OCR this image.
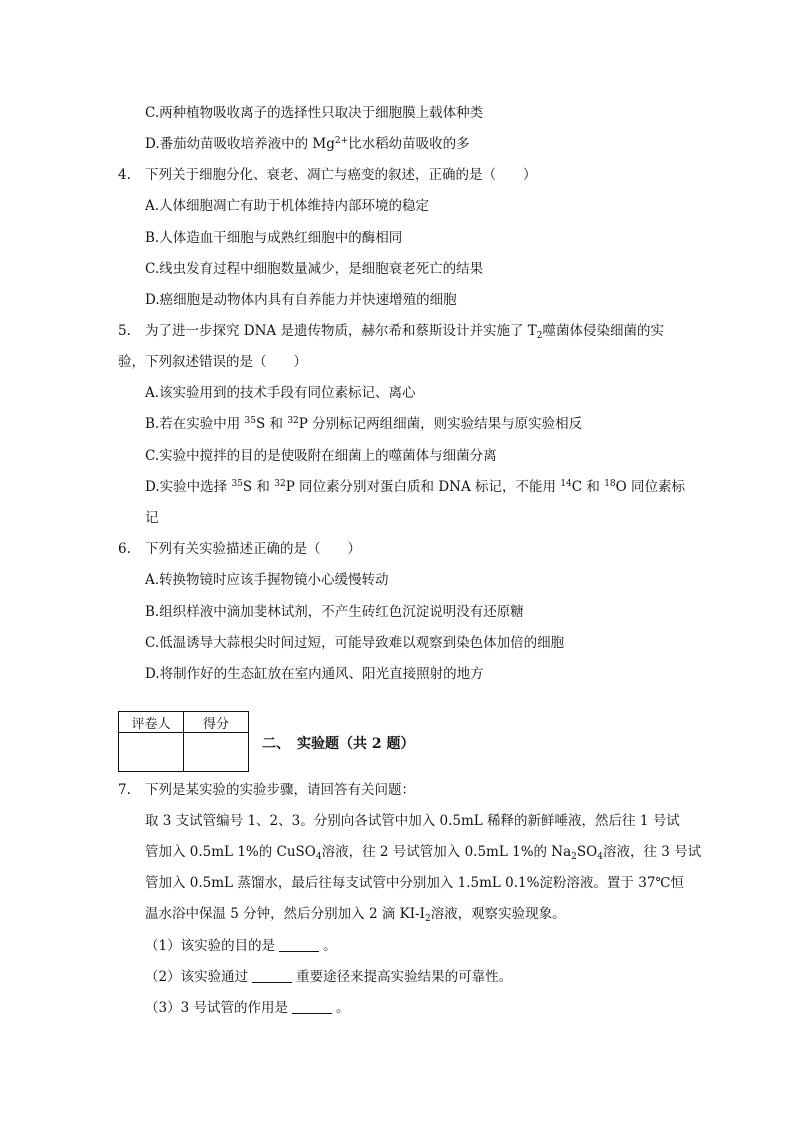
C.两种植物吸收离子的选择性只取决于细胞膜上载体种类
D.番茄幼苗吸收培养液中的 $Mg^{2+}$比水稻幼苗吸收的多
4. 下列关于细胞分化、衰老、凋亡与癌变的叙述，正确的是（　　）
A.人体细胞凋亡有助于机体维持内部环境的稳定
B.人体造血干细胞与成熟红细胞中的酶相同
C.线虫发育过程中细胞数量减少，是细胞衰老死亡的结果
D.癌细胞是动物体内具有自养能力并快速增殖的细胞
5. 为了进一步探究 DNA 是遗传物质，赫尔希和蔡斯设计并实施了 $T_2$噬菌体侵染细菌的实
验，下列叙述错误的是（　　）
A.该实验用到的技术手段有同位素标记、离心
B.若在实验中用 $^{35}$S 和 $^{32}$P 分别标记两组细菌，则实验结果与原实验相反
C.实验中搅拌的目的是使吸附在细菌上的噬菌体与细菌分离
D.实验中选择 $^{35}$S 和 $^{32}$P 同位素分别对蛋白质和 DNA 标记，不能用 $^{14}$C 和 $^{18}$O 同位素标
记
6. 下列有关实验描述正确的是（　　）
A.转换物镜时应该手握物镜小心缓慢转动
B.组织样液中滴加斐林试剂，不产生砖红色沉淀说明没有还原糖
C.低温诱导大蒜根尖时间过短，可能导致难以观察到染色体加倍的细胞
D.将制作好的生态缸放在室内通风、阳光直接照射的地方
评卷人	得分

二、　实验题（共 2 题）
7. 下列是某实验的实验步骤，请回答有关问题：
取 3 支试管编号 1、2、3。分别向各试管中加入 0.5mL 稀释的新鲜唾液，然后往 1 号试
管加入 0.5mL 1%的 CuSO$_4$溶液，往 2 号试管加入 0.5mL 1%的 $Na_2SO_4$溶液，往 3 号试
管加入 0.5mL 蒸馏水，最后往每支试管中分别加入 1.5mL 0.1%淀粉溶液。置于 37℃恒
温水浴中保温 5 分钟，然后分别加入 2 滴 $KI-I_2$溶液，观察实验现象。
（1）该实验的目的是	。
（2）该实验通过	重要途径来提高实验结果的可靠性。
（3）3 号试管的作用是	。
